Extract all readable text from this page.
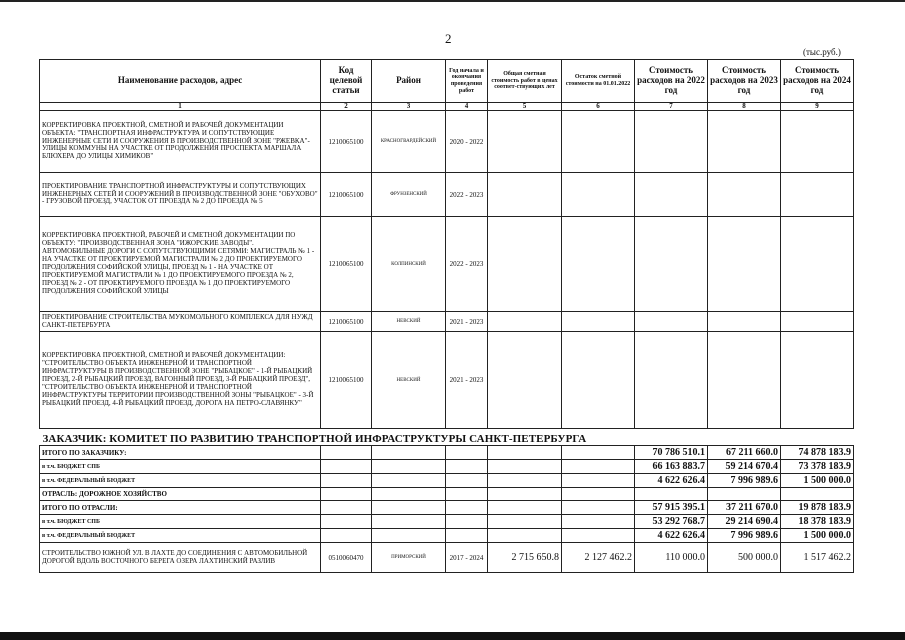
2
(тыс.руб.)
Наименование расходов, адрес	Код целевой статьи	Район	Год начала и окончания проведения работ	Общая сметная стоимость работ в ценах соответ-ствующих лет	Остаток сметной стоимости на 01.01.2022	Стоимость расходов на 2022 год	Стоимость расходов на 2023 год	Стоимость расходов на 2024 год
1	2	3	4	5	6	7	8	9
КОРРЕКТИРОВКА ПРОЕКТНОЙ, СМЕТНОЙ И РАБОЧЕЙ ДОКУМЕНТАЦИИ ОБЪЕКТА: "ТРАНСПОРТНАЯ ИНФРАСТРУКТУРА И СОПУТСТВУЮЩИЕ ИНЖЕНЕРНЫЕ СЕТИ И СООРУЖЕНИЯ В ПРОИЗВОДСТВЕННОЙ ЗОНЕ "РЖЕВКА"- УЛИЦЫ КОММУНЫ НА УЧАСТКЕ ОТ ПРОДОЛЖЕНИЯ ПРОСПЕКТА МАРШАЛА БЛЮХЕРА ДО УЛИЦЫ ХИМИКОВ"	1210065100	КРАСНОГВАРДЕЙСКИЙ	2020 - 2022					
ПРОЕКТИРОВАНИЕ ТРАНСПОРТНОЙ ИНФРАСТРУКТУРЫ И СОПУТСТВУЮЩИХ ИНЖЕНЕРНЫХ СЕТЕЙ И СООРУЖЕНИЙ В ПРОИЗВОДСТВЕННОЙ ЗОНЕ "ОБУХОВО" - ГРУЗОВОЙ ПРОЕЗД, УЧАСТОК ОТ ПРОЕЗДА № 2 ДО ПРОЕЗДА № 5	1210065100	ФРУНЗЕНСКИЙ	2022 - 2023					
КОРРЕКТИРОВКА ПРОЕКТНОЙ, РАБОЧЕЙ И СМЕТНОЙ ДОКУМЕНТАЦИИ ПО ОБЪЕКТУ: "ПРОИЗВОДСТВЕННАЯ ЗОНА "ИЖОРСКИЕ ЗАВОДЫ". АВТОМОБИЛЬНЫЕ ДОРОГИ С СОПУТСТВУЮЩИМИ СЕТЯМИ: МАГИСТРАЛЬ № 1 - НА УЧАСТКЕ ОТ ПРОЕКТИРУЕМОЙ МАГИСТРАЛИ № 2 ДО ПРОЕКТИРУЕМОГО ПРОДОЛЖЕНИЯ СОФИЙСКОЙ УЛИЦЫ, ПРОЕЗД № 1 - НА УЧАСТКЕ ОТ ПРОЕКТИРУЕМОЙ МАГИСТРАЛИ № 1 ДО ПРОЕКТИРУЕМОГО ПРОЕЗДА № 2, ПРОЕЗД № 2 - ОТ ПРОЕКТИРУЕМОГО ПРОЕЗДА № 1 ДО ПРОЕКТИРУЕМОГО ПРОДОЛЖЕНИЯ СОФИЙСКОЙ УЛИЦЫ	1210065100	КОЛПИНСКИЙ	2022 - 2023					
ПРОЕКТИРОВАНИЕ СТРОИТЕЛЬСТВА МУКОМОЛЬНОГО КОМПЛЕКСА ДЛЯ НУЖД САНКТ-ПЕТЕРБУРГА	1210065100	НЕВСКИЙ	2021 - 2023					
КОРРЕКТИРОВКА ПРОЕКТНОЙ, СМЕТНОЙ И РАБОЧЕЙ ДОКУМЕНТАЦИИ: "СТРОИТЕЛЬСТВО ОБЪЕКТА ИНЖЕНЕРНОЙ И ТРАНСПОРТНОЙ ИНФРАСТРУКТУРЫ В ПРОИЗВОДСТВЕННОЙ ЗОНЕ "РЫБАЦКОЕ" - 1-Й РЫБАЦКИЙ ПРОЕЗД, 2-Й РЫБАЦКИЙ ПРОЕЗД, ВАГОННЫЙ ПРОЕЗД, 3-Й РЫБАЦКИЙ ПРОЕЗД", "СТРОИТЕЛЬСТВО ОБЪЕКТА ИНЖЕНЕРНОЙ И ТРАНСПОРТНОЙ ИНФРАСТРУКТУРЫ ТЕРРИТОРИИ ПРОИЗВОДСТВЕННОЙ ЗОНЫ "РЫБАЦКОЕ" - 3-Й РЫБАЦКИЙ ПРОЕЗД, 4-Й РЫБАЦКИЙ ПРОЕЗД, ДОРОГА НА ПЕТРО-СЛАВЯНКУ"	1210065100	НЕВСКИЙ	2021 - 2023					
ЗАКАЗЧИК: КОМИТЕТ ПО РАЗВИТИЮ ТРАНСПОРТНОЙ ИНФРАСТРУКТУРЫ САНКТ-ПЕТЕРБУРГА								
ИТОГО ПО ЗАКАЗЧИКУ:						70 786 510.1	67 211 660.0	74 878 183.9
в т.ч. БЮДЖЕТ СПБ						66 163 883.7	59 214 670.4	73 378 183.9
в т.ч. ФЕДЕРАЛЬНЫЙ БЮДЖЕТ						4 622 626.4	7 996 989.6	1 500 000.0
ОТРАСЛЬ: ДОРОЖНОЕ ХОЗЯЙСТВО								
ИТОГО ПО ОТРАСЛИ:						57 915 395.1	37 211 670.0	19 878 183.9
в т.ч. БЮДЖЕТ СПБ						53 292 768.7	29 214 690.4	18 378 183.9
в т.ч. ФЕДЕРАЛЬНЫЙ БЮДЖЕТ						4 622 626.4	7 996 989.6	1 500 000.0
СТРОИТЕЛЬСТВО ЮЖНОЙ УЛ. В ЛАХТЕ ДО СОЕДИНЕНИЯ С АВТОМОБИЛЬНОЙ ДОРОГОЙ ВДОЛЬ ВОСТОЧНОГО БЕРЕГА ОЗЕРА ЛАХТИНСКИЙ РАЗЛИВ	0510060470	ПРИМОРСКИЙ	2017 - 2024	2 715 650.8	2 127 462.2	110 000.0	500 000.0	1 517 462.2
